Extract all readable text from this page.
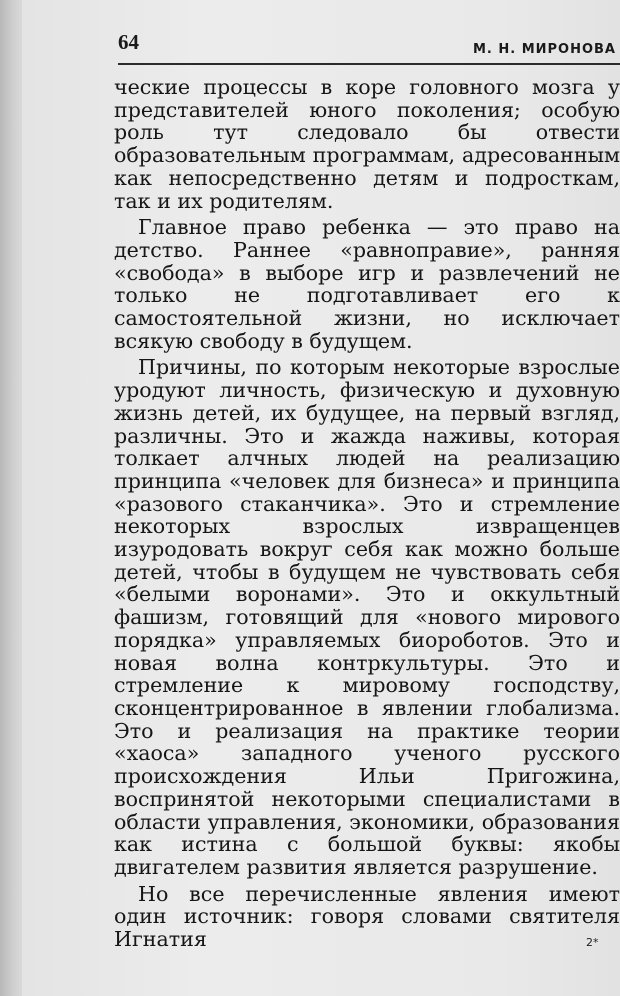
64	М. Н. МИРОНОВА

ческие процессы в коре головного мозга у представителей юного поколения; особую роль тут следовало бы отвести образовательным программам, адресованным как непосредственно детям и подросткам, так и их родителям.

Главное право ребенка — это право на детство. Раннее «равноправие», ранняя «свобода» в выборе игр и развлечений не только не подготавливает его к самостоятельной жизни, но исключает всякую свободу в будущем.

Причины, по которым некоторые взрослые уродуют личность, физическую и духовную жизнь детей, их будущее, на первый взгляд, различны. Это и жажда наживы, которая толкает алчных людей на реализацию принципа «человек для бизнеса» и принципа «разового стаканчика». Это и стремление некоторых взрослых извращенцев изуродовать вокруг себя как можно больше детей, чтобы в будущем не чувствовать себя «белыми воронами». Это и оккультный фашизм, готовящий для «нового мирового порядка» управляемых биороботов. Это и новая волна контркультуры. Это и стремление к мировому господству, сконцентрированное в явлении глобализма. Это и реализация на практике теории «хаоса» западного ученого русского происхождения Ильи Пригожина, воспринятой некоторыми специалистами в области управления, экономики, образования как истина с большой буквы: якобы двигателем развития является разрушение.

Но все перечисленные явления имеют один источник: говоря словами святителя Игнатия	2*
